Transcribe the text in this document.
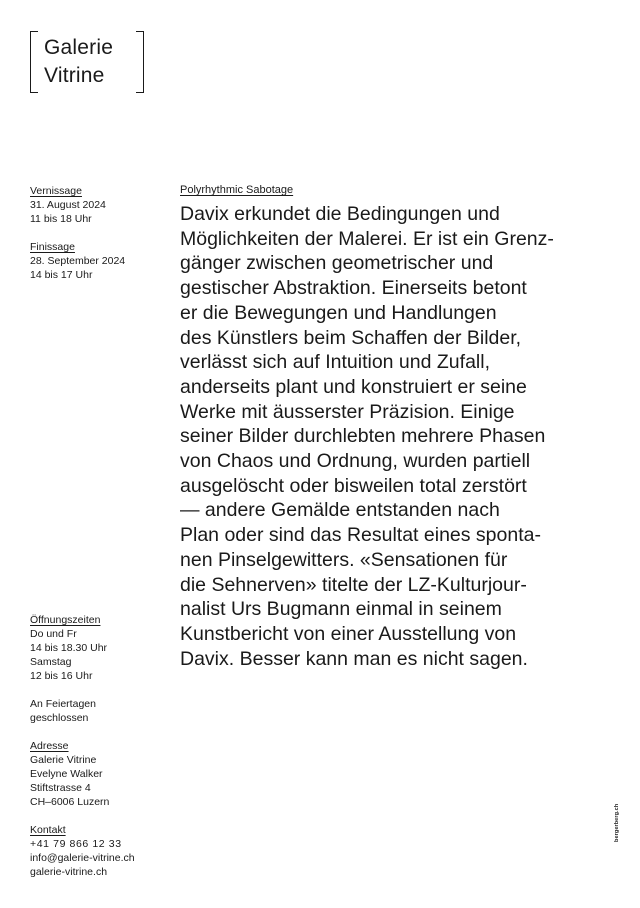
Galerie
Vitrine
Vernissage
31. August 2024
11 bis 18 Uhr
Finissage
28. September 2024
14 bis 17 Uhr
Polyrhythmic Sabotage
Davix erkundet die Bedingungen und
Möglichkeiten der Malerei. Er ist ein Grenz-
gänger zwischen geometrischer und
gestischer Abstraktion. Einerseits betont
er die Bewegungen und Handlungen
des Künstlers beim Schaffen der Bilder,
verlässt sich auf Intuition und Zufall,
anderseits plant und konstruiert er seine
Werke mit äusserster Präzision. Einige
seiner Bilder durchlebten mehrere Phasen
von Chaos und Ordnung, wurden partiell
ausgelöscht oder bisweilen total zerstört
— andere Gemälde entstanden nach
Plan oder sind das Resultat eines sponta-
nen Pinselgewitters. «Sensationen für
die Sehnerven» titelte der LZ-Kulturjour-
nalist Urs Bugmann einmal in seinem
Kunstbericht von einer Ausstellung von
Davix. Besser kann man es nicht sagen.
Öffnungszeiten
Do und Fr
14 bis 18.30 Uhr
Samstag
12 bis 16 Uhr
An Feiertagen
geschlossen
Adresse
Galerie Vitrine
Evelyne Walker
Stiftstrasse 4
CH–6006 Luzern
Kontakt
+41 79 866 12 33
info@galerie-vitrine.ch
galerie-vitrine.ch
bergerberg.ch
